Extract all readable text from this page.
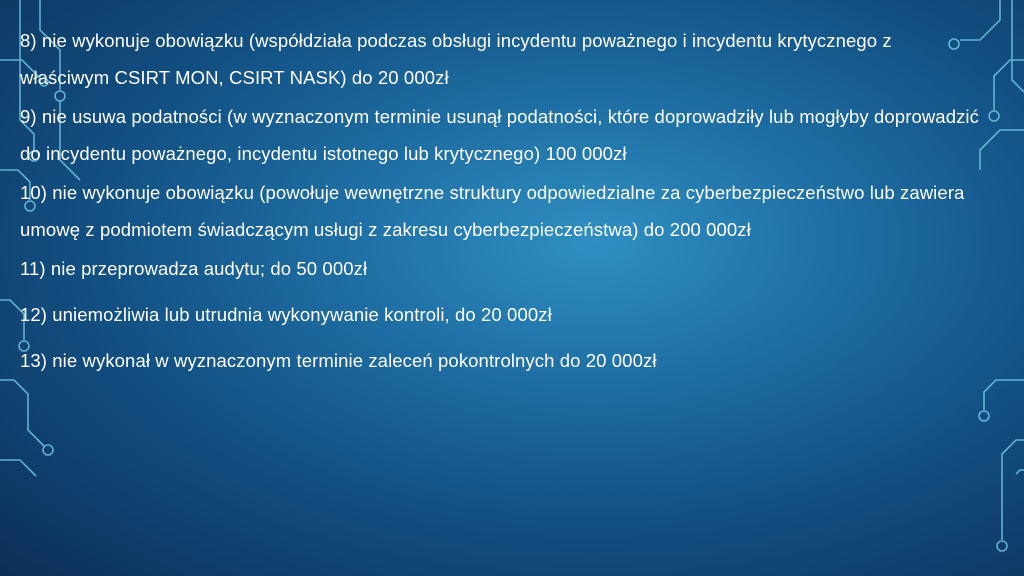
8) nie wykonuje obowiązku (współdziała podczas obsługi incydentu poważnego i incydentu krytycznego z właściwym CSIRT MON, CSIRT NASK) do 20 000zł
9) nie usuwa podatności (w wyznaczonym terminie usunął podatności, które doprowadziły lub mogłyby doprowadzić do incydentu poważnego, incydentu istotnego lub krytycznego) 100 000zł
10) nie wykonuje obowiązku (powołuje wewnętrzne struktury odpowiedzialne za cyberbezpieczeństwo lub zawiera umowę z podmiotem świadczącym usługi z zakresu cyberbezpieczeństwa) do 200 000zł
11) nie przeprowadza audytu; do 50 000zł
12) uniemożliwia lub utrudnia wykonywanie kontroli, do 20 000zł
13) nie wykonał w wyznaczonym terminie zaleceń pokontrolnych do 20 000zł
